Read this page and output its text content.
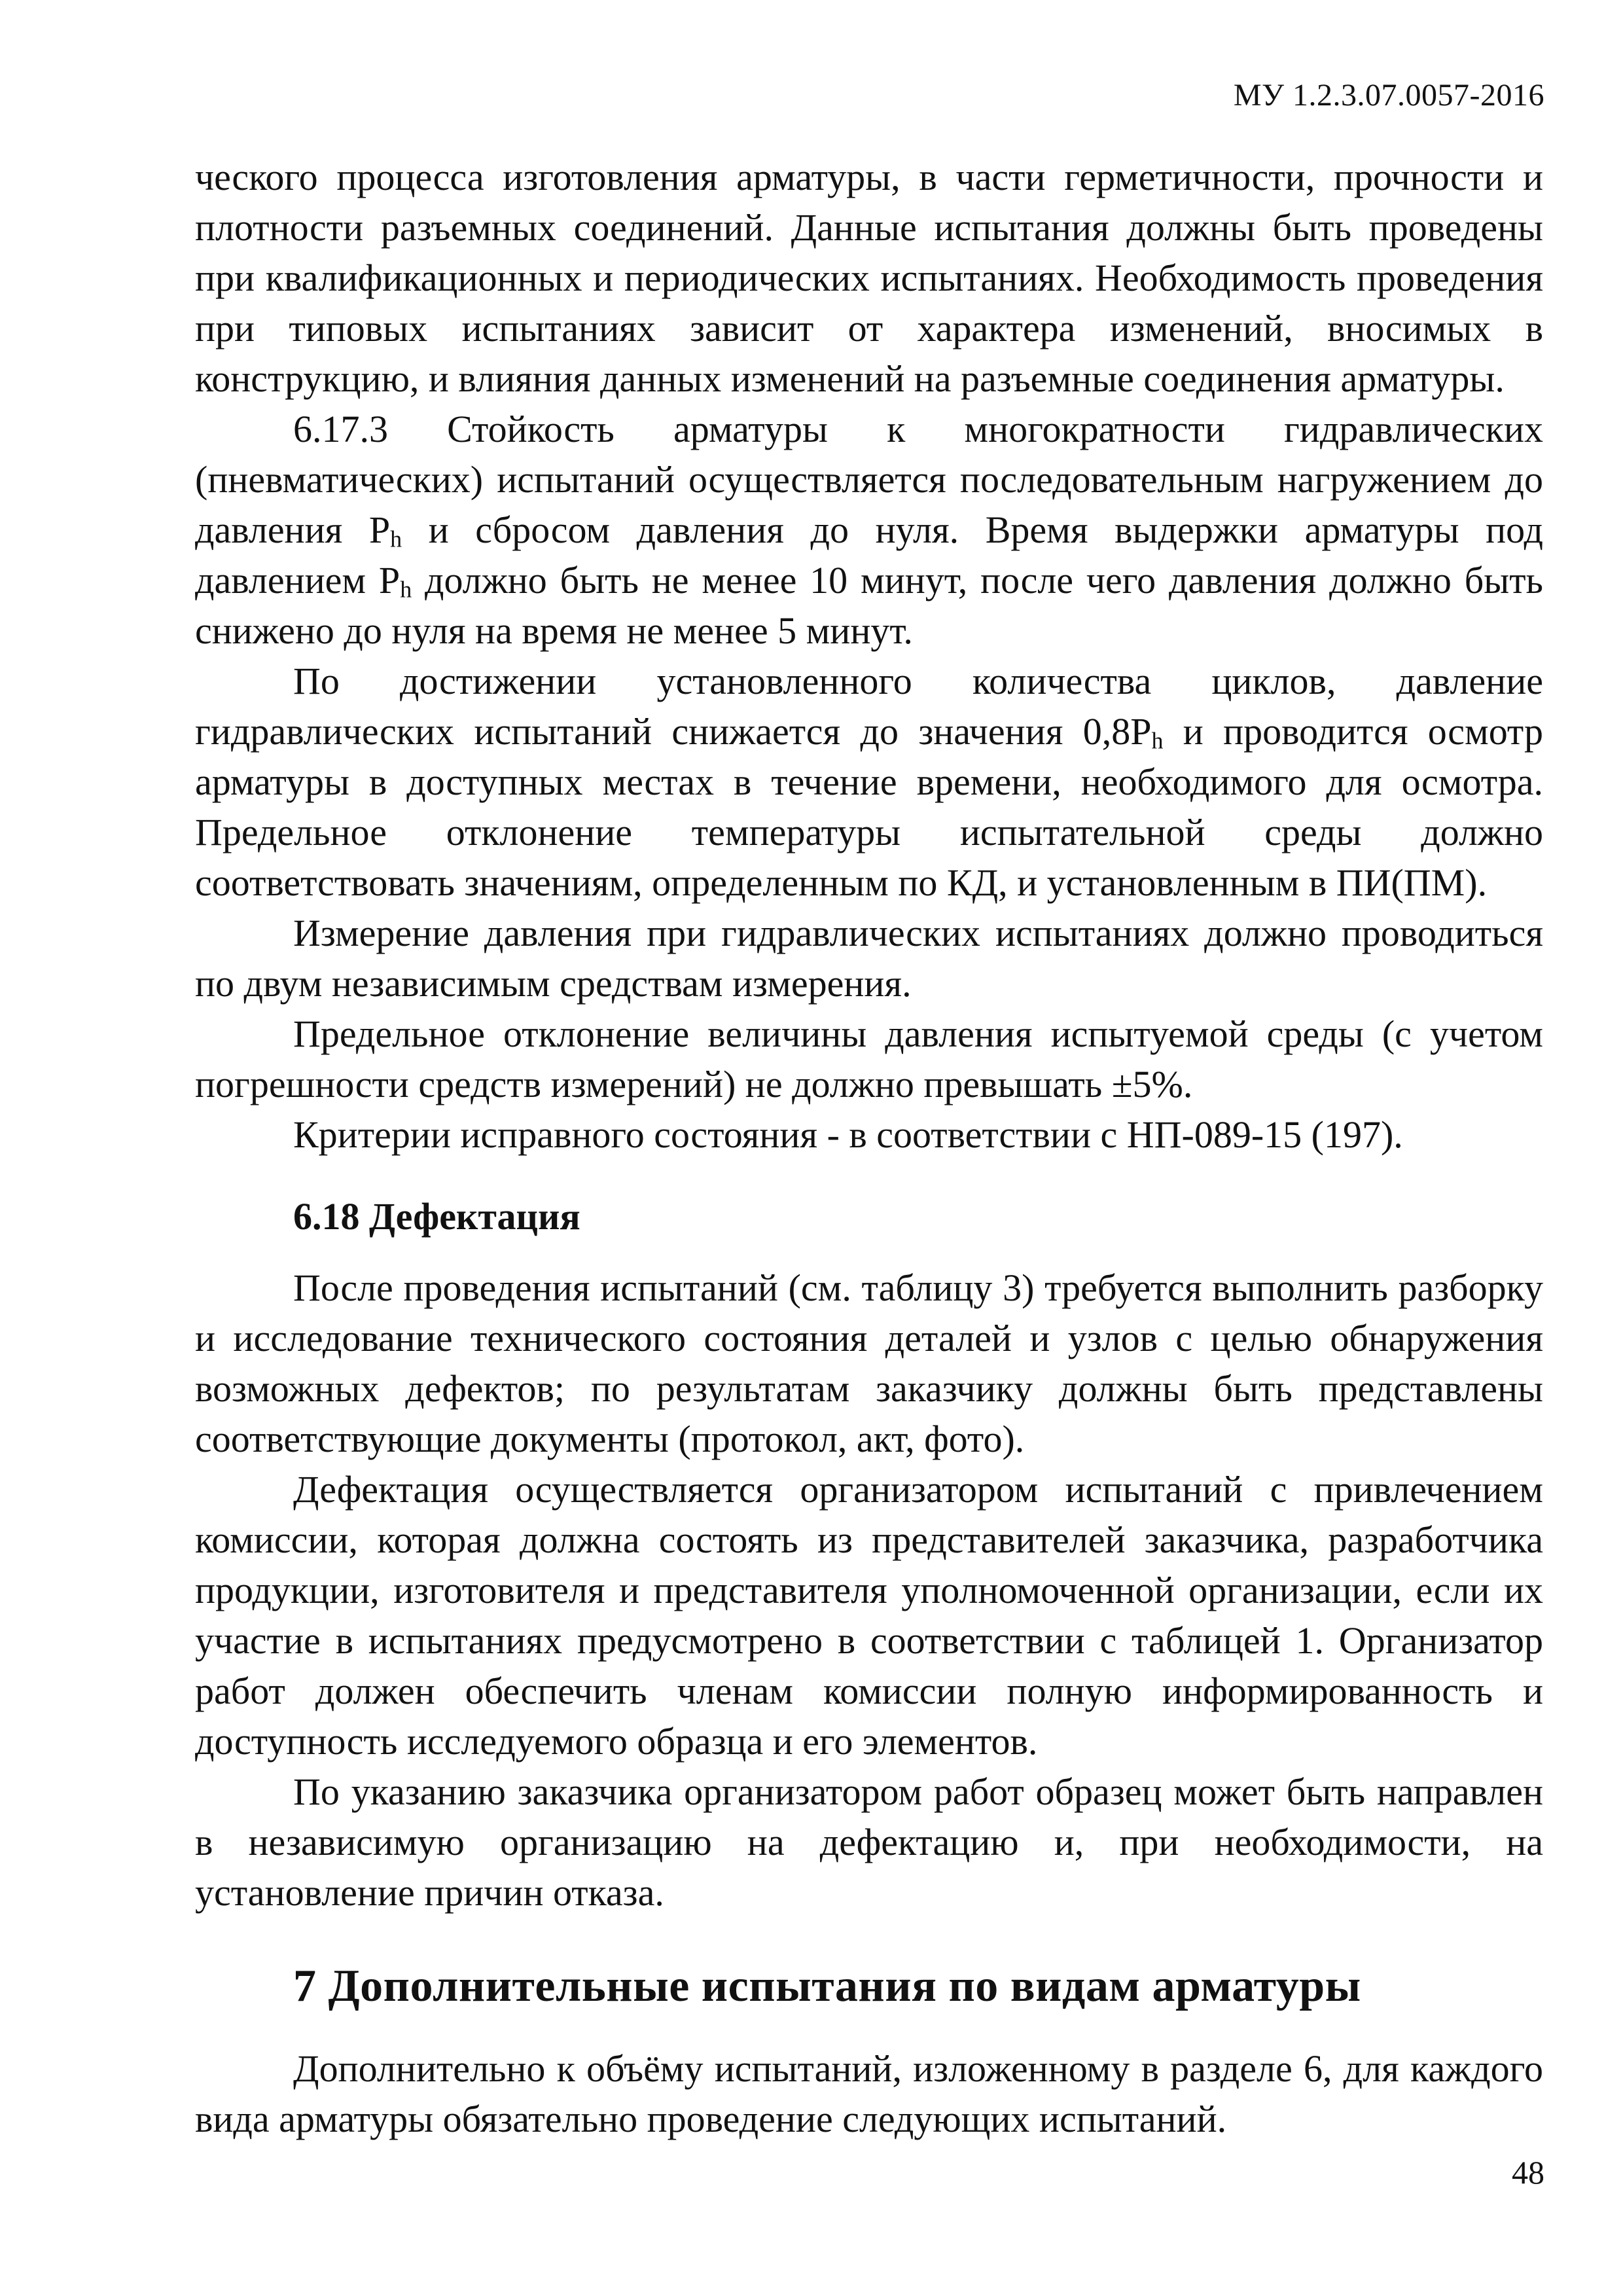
МУ 1.2.3.07.0057-2016

ческого процесса изготовления арматуры, в части герметичности, прочности и плотности разъемных соединений. Данные испытания должны быть проведены при квалификационных и периодических испытаниях. Необходимость проведения при типовых испытаниях зависит от характера изменений, вносимых в конструкцию, и влияния данных изменений на разъемные соединения арматуры.

6.17.3 Стойкость арматуры к многократности гидравлических (пневматических) испытаний осуществляется последовательным нагружением до давления Ph и сбросом давления до нуля. Время выдержки арматуры под давлением Ph должно быть не менее 10 минут, после чего давления должно быть снижено до нуля на время не менее 5 минут.

По достижении установленного количества циклов, давление гидравлических испытаний снижается до значения 0,8Ph и проводится осмотр арматуры в доступных местах в течение времени, необходимого для осмотра. Предельное отклонение температуры испытательной среды должно соответствовать значениям, определенным по КД, и установленным в ПИ(ПМ).

Измерение давления при гидравлических испытаниях должно проводиться по двум независимым средствам измерения.

Предельное отклонение величины давления испытуемой среды (с учетом погрешности средств измерений) не должно превышать ±5%.

Критерии исправного состояния - в соответствии с НП-089-15 (197).

6.18 Дефектация

После проведения испытаний (см. таблицу 3) требуется выполнить разборку и исследование технического состояния деталей и узлов с целью обнаружения возможных дефектов; по результатам заказчику должны быть представлены соответствующие документы (протокол, акт, фото).

Дефектация осуществляется организатором испытаний с привлечением комиссии, которая должна состоять из представителей заказчика, разработчика продукции, изготовителя и представителя уполномоченной организации, если их участие в испытаниях предусмотрено в соответствии с таблицей 1. Организатор работ должен обеспечить членам комиссии полную информированность и доступность исследуемого образца и его элементов.

По указанию заказчика организатором работ образец может быть направлен в независимую организацию на дефектацию и, при необходимости, на установление причин отказа.

7 Дополнительные испытания по видам арматуры

Дополнительно к объёму испытаний, изложенному в разделе 6, для каждого вида арматуры обязательно проведение следующих испытаний.

48
